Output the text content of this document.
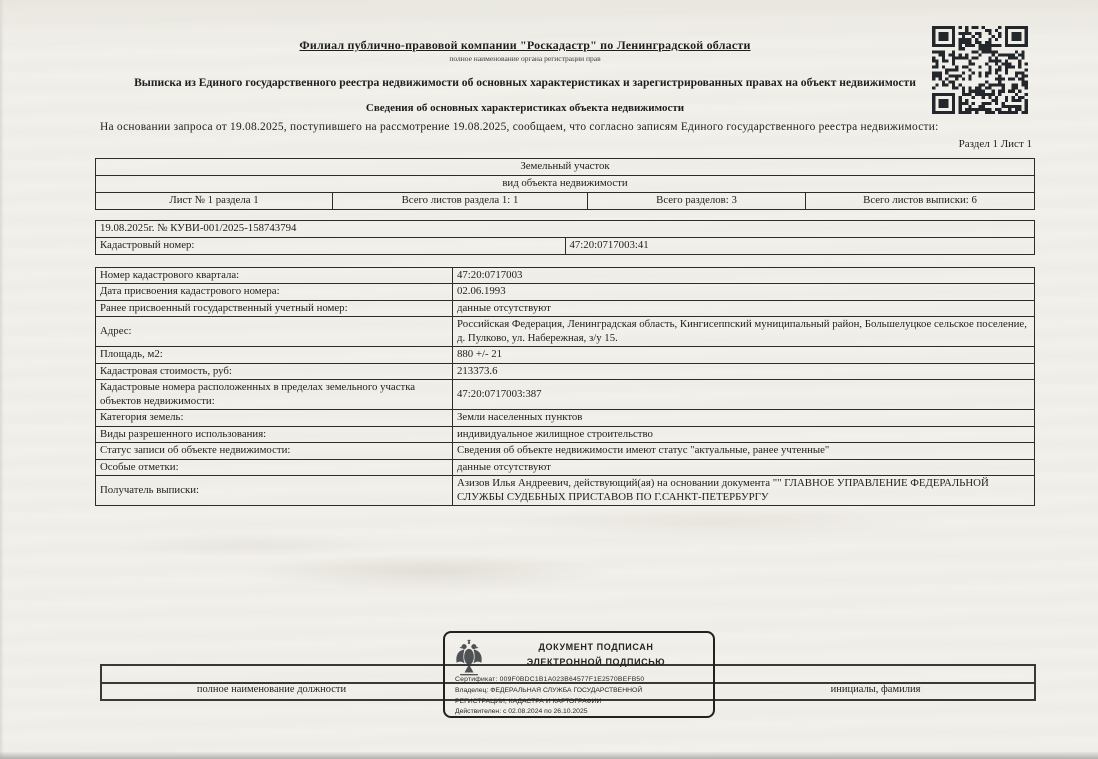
Филиал публично-правовой компании "Роскадастр" по Ленинградской области
полное наименование органа регистрации прав
Выписка из Единого государственного реестра недвижимости об основных характеристиках и зарегистрированных правах на объект недвижимости
Сведения об основных характеристиках объекта недвижимости
На основании запроса от 19.08.2025, поступившего на рассмотрение 19.08.2025, сообщаем, что согласно записям Единого государственного реестра недвижимости:
Раздел 1 Лист 1
Земельный участок
вид объекта недвижимости
Лист № 1 раздела 1	Всего листов раздела 1: 1	Всего разделов: 3	Всего листов выписки: 6
19.08.2025г. № КУВИ-001/2025-158743794
Кадастровый номер:	47:20:0717003:41
Номер кадастрового квартала:	47:20:0717003
Дата присвоения кадастрового номера:	02.06.1993
Ранее присвоенный государственный учетный номер:	данные отсутствуют
Адрес:	Российская Федерация, Ленинградская область, Кингисеппский муниципальный район, Большелуцкое сельское поселение, д. Пулково, ул. Набережная, з/у 15.
Площадь, м2:	880 +/- 21
Кадастровая стоимость, руб:	213373.6
Кадастровые номера расположенных в пределах земельного участка объектов недвижимости:	47:20:0717003:387
Категория земель:	Земли населенных пунктов
Виды разрешенного использования:	индивидуальное жилищное строительство
Статус записи об объекте недвижимости:	Сведения об объекте недвижимости имеют статус "актуальные, ранее учтенные"
Особые отметки:	данные отсутствуют
Получатель выписки:	Азизов Илья Андреевич, действующий(ая) на основании документа "" ГЛАВНОЕ УПРАВЛЕНИЕ ФЕДЕРАЛЬНОЙ СЛУЖБЫ СУДЕБНЫХ ПРИСТАВОВ ПО Г.САНКТ-ПЕТЕРБУРГУ
полное наименование должности	инициалы, фамилия
ДОКУМЕНТ ПОДПИСАН
ЭЛЕКТРОННОЙ ПОДПИСЬЮ
Сертификат: 009F0BDC1B1A023B64577F1E2570BEFB50
Владелец: ФЕДЕРАЛЬНАЯ СЛУЖБА ГОСУДАРСТВЕННОЙ РЕГИСТРАЦИИ, КАДАСТРА И КАРТОГРАФИИ
Действителен: с 02.08.2024 по 26.10.2025
